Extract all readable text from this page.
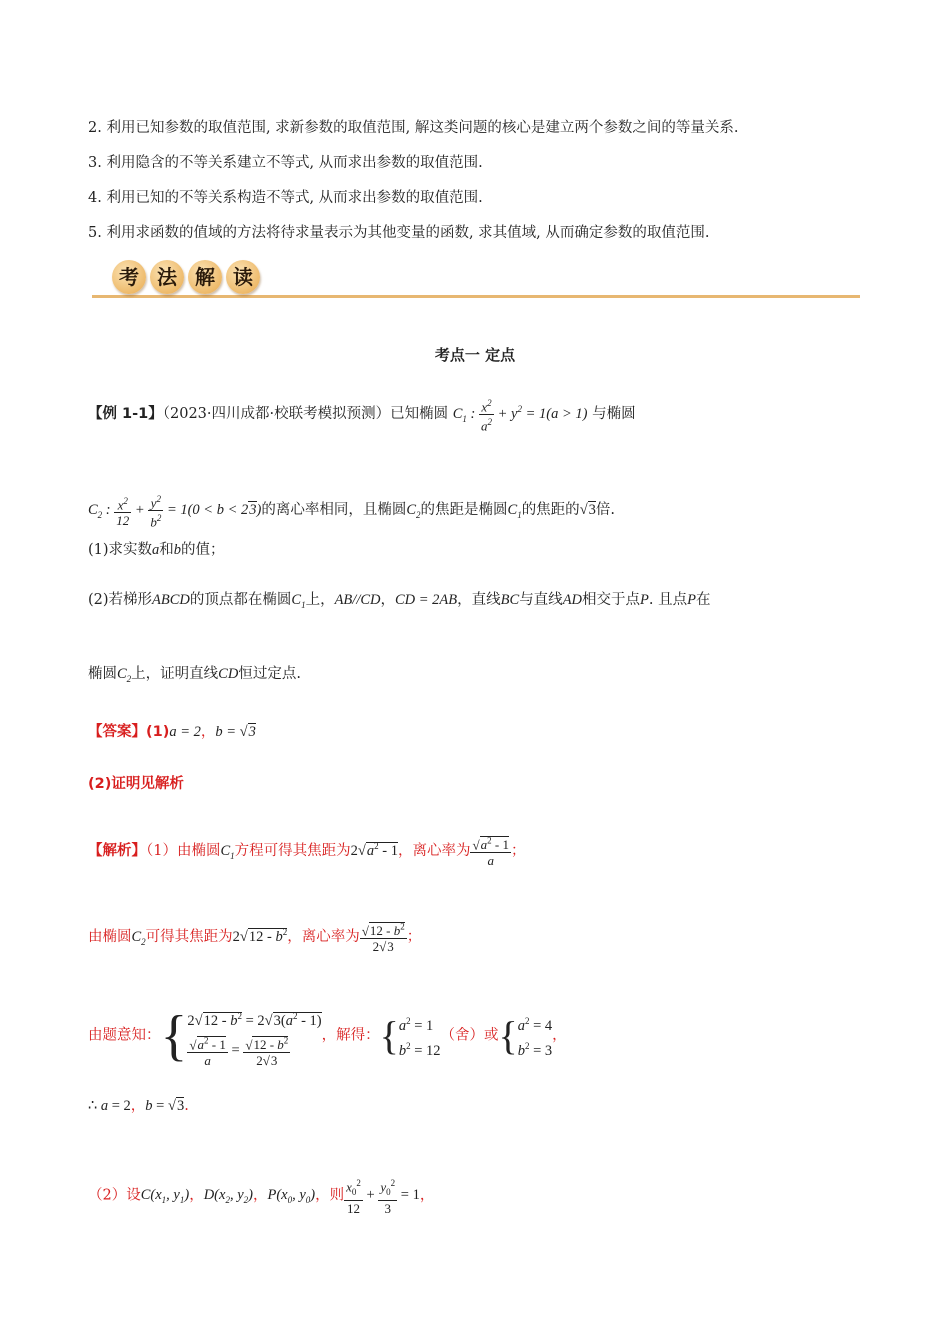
2. 利用已知参数的取值范围, 求新参数的取值范围, 解这类问题的核心是建立两个参数之间的等量关系.
3. 利用隐含的不等关系建立不等式, 从而求出参数的取值范围.
4. 利用已知的不等关系构造不等式, 从而求出参数的取值范围.
5. 利用求函数的值域的方法将待求量表示为其他变量的函数, 求其值域, 从而确定参数的取值范围.
考 法 解 读
考点一 定点
【例 1-1】（2023·四川成都·校联考模拟预测）已知椭圆 $C_1$ : $\frac{x^2}{a^2} + y^2 = 1(a > 1)$ 与椭圆
$C_2$ : $\frac{x^2}{12} + \frac{y^2}{b^2} = 1(0 < b < 23)$的离心率相同，且椭圆$C_2$的焦距是椭圆$C_1$的焦距的√3倍.
(1)求实数a和b的值；
(2)若梯形ABCD的顶点都在椭圆$C_1$上，AB//CD，CD = 2AB，直线BC与直线AD相交于点P. 且点P在
椭圆$C_2$上，证明直线CD恒过定点.
【答案】(1)a = 2，b = √3
(2)证明见解析
【解析】（1）由椭圆$C_1$方程可得其焦距为$2√a^2 - 1$，离心率为 $\frac{√a^2 - 1}{a}$ ；
由椭圆$C_2$可得其焦距为$2√12 - b^2$，离心率为 $\frac{√12 - b^2}{2√3}$ ；
由题意知：{ $2√12 - b^2 = 2√3(a^2 - 1)$
$\frac{√a^2 - 1}{a} = \frac{√12 - b^2}{2√3}$ ，解得：{ $a^2 = 1$
$b^2 = 12$
（舍）或{ $a^2 = 4$
$b^2 = 3$
，
∴ a = 2，b = √3.
（2）设$C(x_1$, $y_1$)，$D(x_2$, $y_2$)，$P(x_0$, $y_0$)，则 $\frac{x_0^2}{12} + \frac{y_0^2}{3} = 1$，
